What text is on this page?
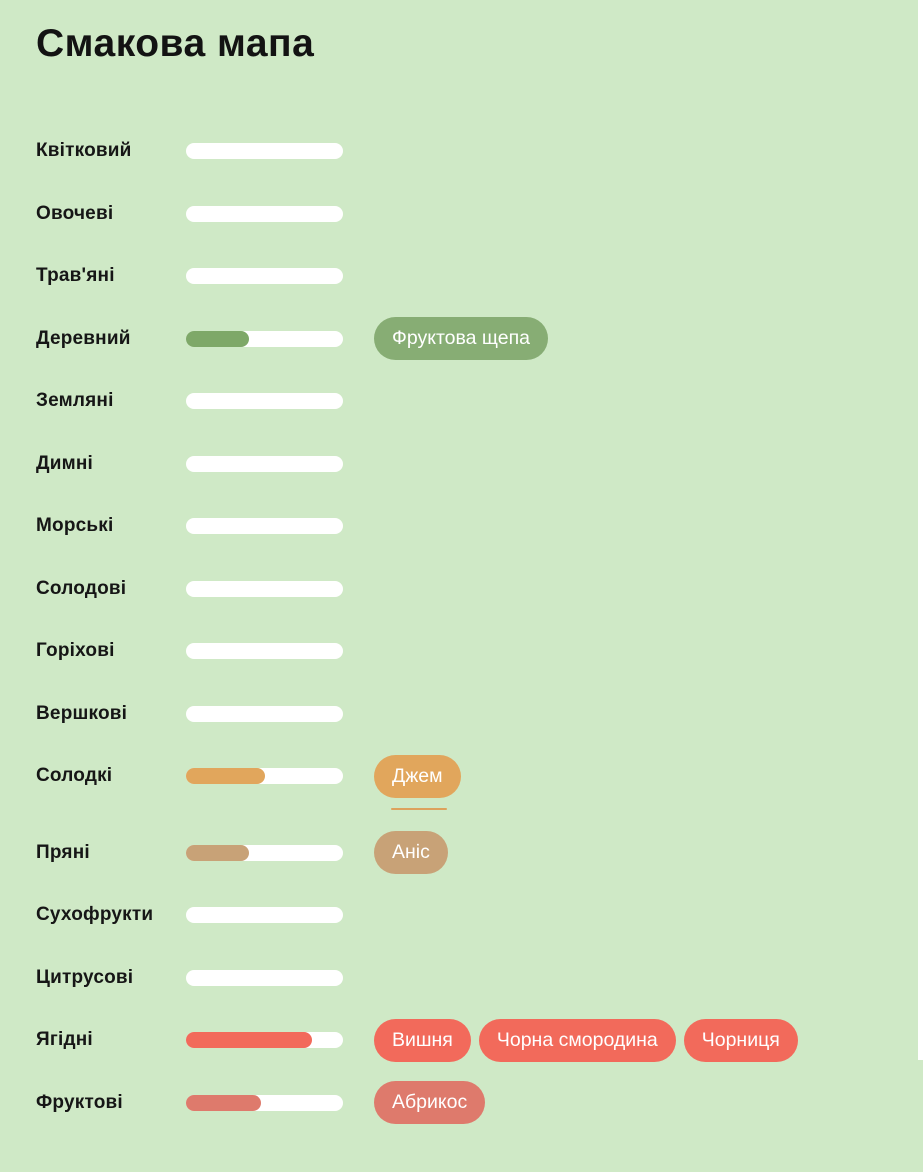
Смакова мапа
Квітковий
Овочеві
Трав'яні
Деревний	Фруктова щепа
Земляні
Димні
Морські
Солодові
Горіхові
Вершкові
Солодкі	Джем
Пряні	Аніс
Сухофрукти
Цитрусові
Ягідні	Вишня	Чорна смородина	Чорниця
Фруктові	Абрикос
